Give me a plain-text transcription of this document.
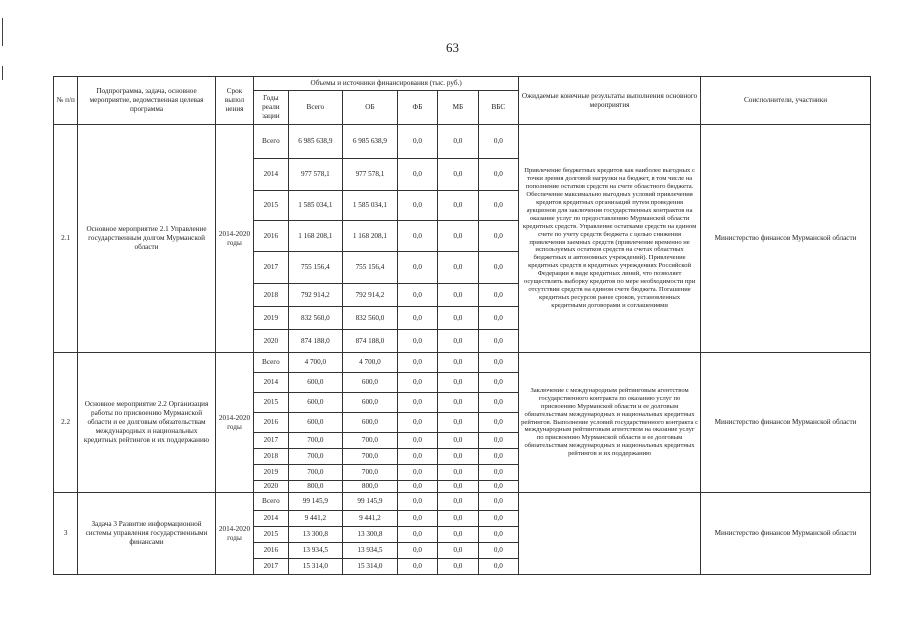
63
№ п/п	Подпрограмма, задача, основное мероприятие, ведомственная целевая программа	Срок выпол нения	Объемы и источники финансирования (тыс. руб.)						Ожидаемые конечные результаты выполнения основного мероприятия	Соисполнители, участники
			Годы реали зации	Всего	ОБ	ФБ	МБ	ВБС		
2.1	Основное мероприятие 2.1 Управление государственным долгом Мурманской области	2014-2020 годы	Всего	6 985 638,9	6 985 638,9	0,0	0,0	0,0	Привлечение бюджетных кредитов как наиболее выгодных с точки зрения долговой нагрузки на бюджет, в том числе на пополнение остатков средств на счете областного бюджета. Обеспечение максимально выгодных условий привлечения кредитов кредитных организаций путем проведения аукционов для заключения государственных контрактов на оказание услуг по предоставлению Мурманской области кредитных средств. Управление остатками средств на едином счете по учету средств бюджета с целью снижения привлечения заемных средств (привлечение временно не используемых остатков средств на счетах областных бюджетных и автономных учреждений). Привлечение кредитных средств в кредитных учреждениях Российской Федерации в виде кредитных линий, что позволяет осуществлять выборку кредитов по мере необходимости при отсутствии средств на едином счете бюджета. Погашение кредитных ресурсов ранее сроков, установленных кредитными договорами и соглашениями	Министерство финансов Мурманской области
			2014	977 578,1	977 578,1	0,0	0,0	0,0		
			2015	1 585 034,1	1 585 034,1	0,0	0,0	0,0		
			2016	1 168 208,1	1 168 208,1	0,0	0,0	0,0		
			2017	755 156,4	755 156,4	0,0	0,0	0,0		
			2018	792 914,2	792 914,2	0,0	0,0	0,0		
			2019	832 560,0	832 560,0	0,0	0,0	0,0		
			2020	874 188,0	874 188,0	0,0	0,0	0,0		
2.2	Основное мероприятие 2.2 Организация работы по присвоению Мурманской области и ее долговым обязательствам международных и национальных кредитных рейтингов и их поддержанию	2014-2020 годы	Всего	4 700,0	4 700,0	0,0	0,0	0,0	Заключение с международным рейтинговым агентством государственного контракта по оказанию услуг по присвоению Мурманской области и ее долговым обязательствам международных и национальных кредитных рейтингов. Выполнение условий государственного контракта с международным рейтинговым агентством на оказание услуг по присвоению Мурманской области и ее долговым обязательствам международных и национальных кредитных рейтингов и их поддержанию	Министерство финансов Мурманской области
			2014	600,0	600,0	0,0	0,0	0,0		
			2015	600,0	600,0	0,0	0,0	0,0		
			2016	600,0	600,0	0,0	0,0	0,0		
			2017	700,0	700,0	0,0	0,0	0,0		
			2018	700,0	700,0	0,0	0,0	0,0		
			2019	700,0	700,0	0,0	0,0	0,0		
			2020	800,0	800,0	0,0	0,0	0,0		
3	Задача 3 Развитие информационной системы управления государственными финансами	2014-2020 годы	Всего	99 145,9	99 145,9	0,0	0,0	0,0		Министерство финансов Мурманской области
			2014	9 441,2	9 441,2	0,0	0,0	0,0		
			2015	13 300,8	13 300,8	0,0	0,0	0,0		
			2016	13 934,5	13 934,5	0,0	0,0	0,0		
			2017	15 314,0	15 314,0	0,0	0,0	0,0		
